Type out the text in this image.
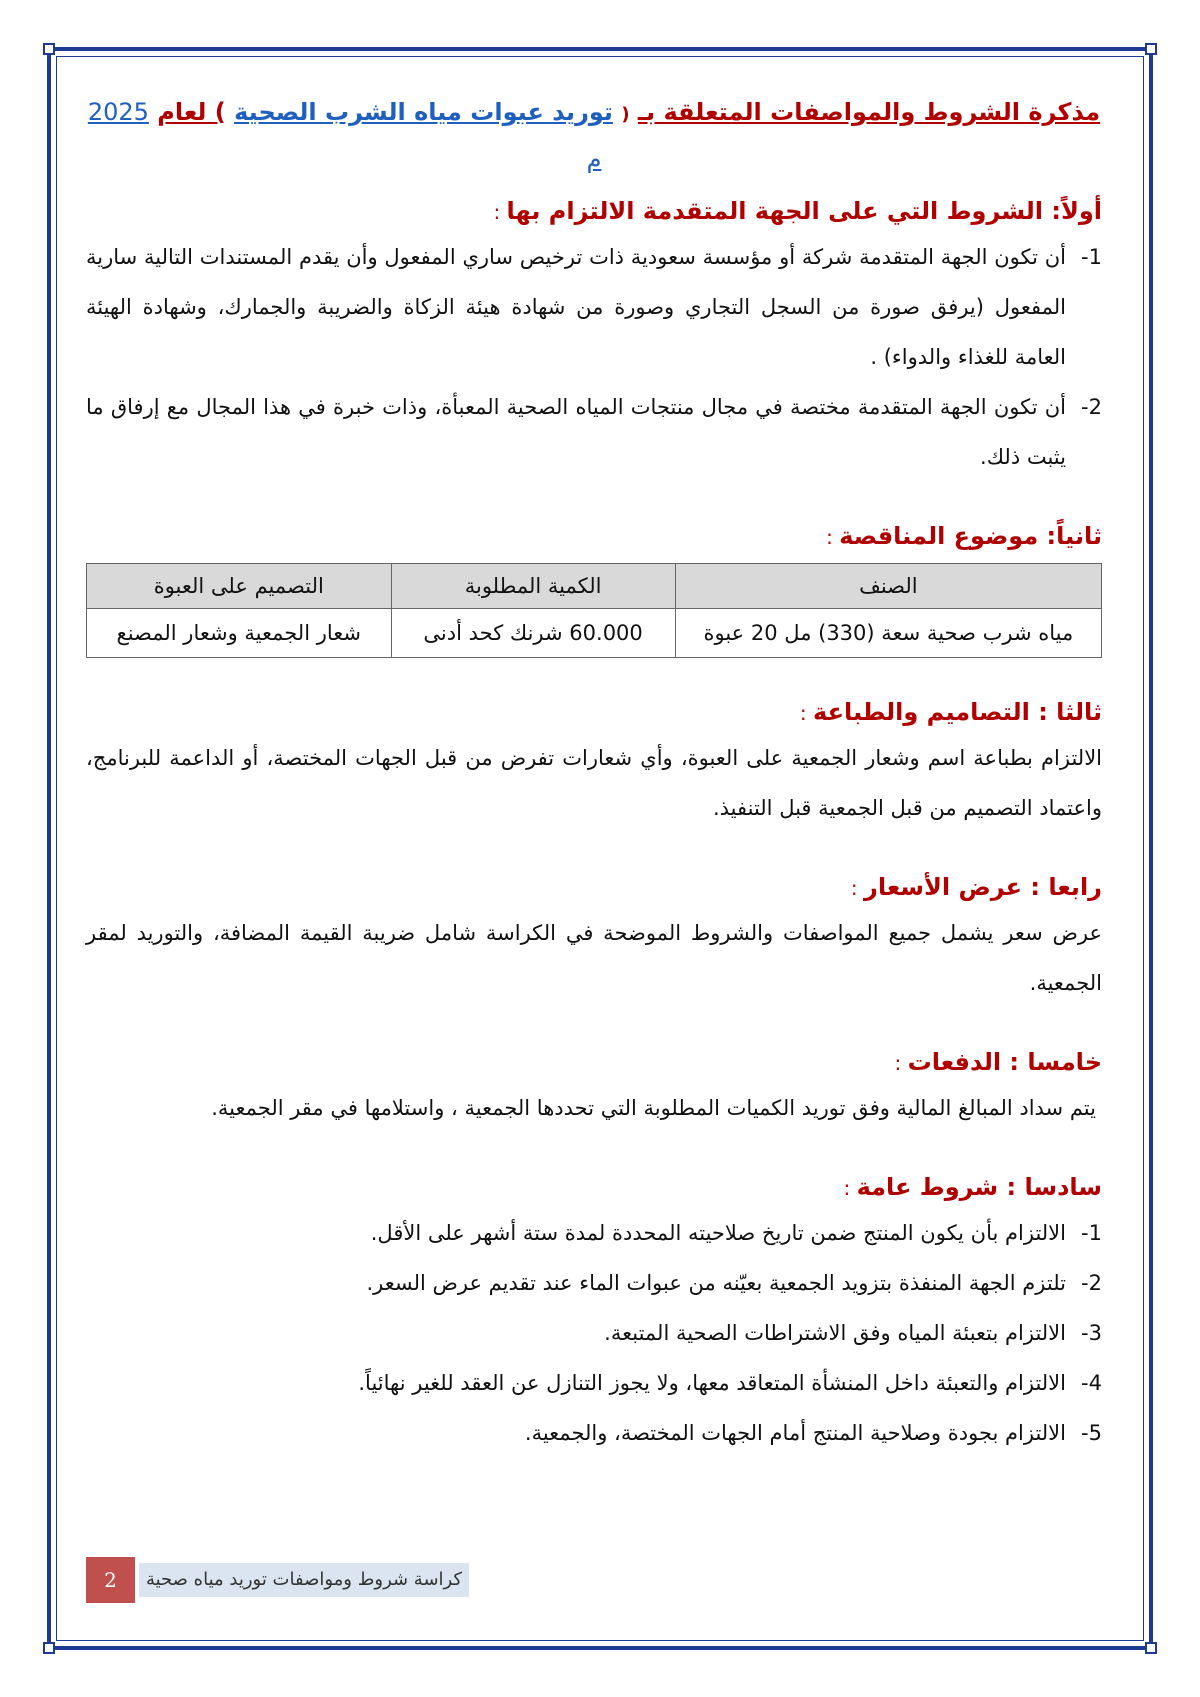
مذكرة الشروط والمواصفات المتعلقة بـ ( توريد عبوات مياه الشرب الصحية ) لعام 2025 م
أولاً: الشروط التي على الجهة المتقدمة الالتزام بها :

1-
أن تكون الجهة المتقدمة شركة أو مؤسسة سعودية ذات ترخيص ساري المفعول وأن يقدم المستندات التالية سارية المفعول (يرفق صورة من السجل التجاري وصورة من شهادة هيئة الزكاة والضريبة والجمارك، وشهادة الهيئة العامة للغذاء والدواء) .

2-
أن تكون الجهة المتقدمة مختصة في مجال منتجات المياه الصحية المعبأة، وذات خبرة في هذا المجال مع إرفاق ما يثبت ذلك.

ثانياً: موضوع المناقصة :
الصنف	الكمية المطلوبة	التصميم على العبوة
مياه شرب صحية سعة (330) مل 20 عبوة	60.000 شرنك كحد أدنى	شعار الجمعية وشعار المصنع
ثالثا : التصاميم والطباعة :

الالتزام بطباعة اسم وشعار الجمعية على العبوة، وأي شعارات تفرض من قبل الجهات المختصة، أو الداعمة للبرنامج، واعتماد التصميم من قبل الجمعية قبل التنفيذ.

رابعا : عرض الأسعار :

عرض سعر يشمل جميع المواصفات والشروط الموضحة في الكراسة شامل ضريبة القيمة المضافة، والتوريد لمقر الجمعية.

خامسا : الدفعات :

يتم سداد المبالغ المالية وفق توريد الكميات المطلوبة التي تحددها الجمعية ، واستلامها في مقر الجمعية.

سادسا : شروط عامة :

1-
الالتزام بأن يكون المنتج ضمن تاريخ صلاحيته المحددة لمدة ستة أشهر على الأقل.

2-
تلتزم الجهة المنفذة بتزويد الجمعية بعيّنه من عبوات الماء عند تقديم عرض السعر.

3-
الالتزام بتعبئة المياه وفق الاشتراطات الصحية المتبعة.

4-
الالتزام والتعبئة داخل المنشأة المتعاقد معها، ولا يجوز التنازل عن العقد للغير نهائياً.

5-
الالتزام بجودة وصلاحية المنتج أمام الجهات المختصة، والجمعية.

2	كراسة شروط ومواصفات توريد مياه صحية
